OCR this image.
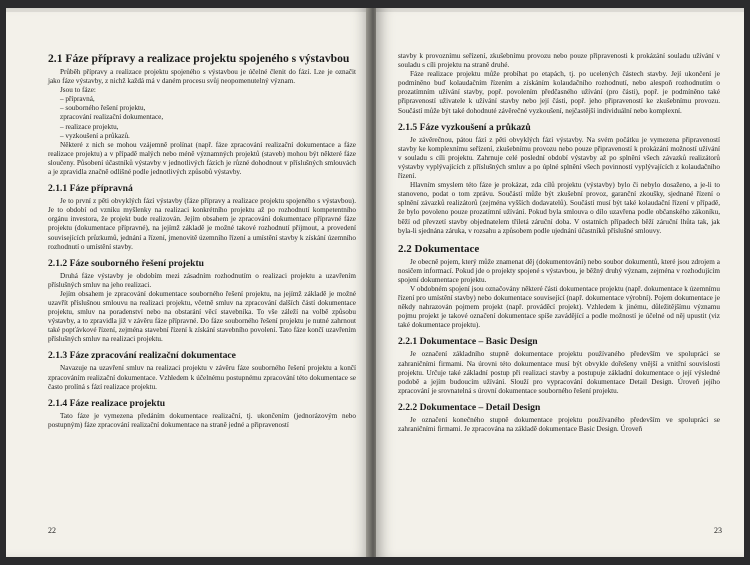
2.1 Fáze přípravy a realizace projektu spojeného s výstavbou

Průběh přípravy a realizace projektu spojeného s výstavbou je účelné členit do fází. Lze je označit jako fáze výstavby, z nichž každá má v daném procesu svůj neopomenutelný význam.

Jsou to fáze:

– přípravná,
– souborného řešení projektu,
zpracování realizační dokumentace,
– realizace projektu,
– vyzkoušení a průkazů.

Některé z nich se mohou vzájemně prolínat (např. fáze zpracování realizační dokumentace a fáze realizace projektu) a v případě malých nebo méně významných projektů (staveb) mohou být některé fáze sloučeny. Působení účastníků výstavby v jednotlivých fázích je různé dohodnout v příslušných smlouvách a je zpravidla značně odlišné podle jednotlivých způsobů výstavby.

2.1.1 Fáze přípravná

Je to první z pěti obvyklých fází výstavby (fáze přípravy a realizace projektu spojeného s výstavbou). Je to období od vzniku myšlenky na realizaci konkrétního projektu až po rozhodnutí kompetentního orgánu investora, že projekt bude realizován. Jejím obsahem je zpracování dokumentace přípravné fáze projektu (dokumentace přípravné), na jejímž základě je možné takové rozhodnutí přijmout, a provedení souvisejících průzkumů, jednání a řízení, jmenovitě územního řízení a umístění stavby k získání územního rozhodnutí o umístění stavby.

2.1.2 Fáze souborného řešení projektu

Druhá fáze výstavby je obdobím mezi zásadním rozhodnutím o realizaci projektu a uzavřením příslušných smluv na jeho realizaci.

Jejím obsahem je zpracování dokumentace souborného řešení projektu, na jejímž základě je možné uzavřít příslušnou smlouvu na realizaci projektu, včetně smluv na zpracování dalších částí dokumentace projektu, smluv na poradenství nebo na obstarání věcí stavebníka. To vše záleží na volbě způsobu výstavby, a to zpravidla již v závěru fáze přípravné. Do fáze souborného řešení projektu je nutné zahrnout také popťávkové řízení, zejména stavební řízení k získání stavebního povolení. Tato fáze končí uzavřením příslušných smluv na realizaci projektu.

2.1.3 Fáze zpracování realizační dokumentace

Navazuje na uzavření smluv na realizaci projektu v závěru fáze souborného řešení projektu a končí zpracováním realizační dokumentace. Vzhledem k účelnému postupnému zpracování této dokumentace se často prolíná s fází realizace projektu.

2.1.4 Fáze realizace projektu

Tato fáze je vymezena předáním dokumentace realizační, tj. ukončením (jednorázovým nebo postupným) fáze zpracování realizační dokumentace na straně jedné a připraveností

22

stavby k provoznímu seřízení, zkušebnímu provozu nebo pouze připravenosti k prokázání souladu užívání v souladu s cíli projektu na straně druhé.

Fáze realizace projektu může probíhat po etapách, tj. po ucelených částech stavby. Její ukončení je podmíněno buď kolaudačním řízením a získáním kolaudačního rozhodnutí, nebo alespoň rozhodnutím o prozatímním užívání stavby, popř. povolením předčasného užívání (pro části), popř. je podmíněno také připraveností uživatele k užívání stavby nebo její části, popř. jeho připraveností ke zkušebnímu provozu. Součástí může být také dohodnuté závěrečné vyzkoušení, nejčastější individuální nebo komplexní.

2.1.5 Fáze vyzkoušení a průkazů

Je závěrečnou, pátou fází z pěti obvyklých fází výstavby. Na svém počátku je vymezena připraveností stavby ke komplexnímu seřízení, zkušebnímu provozu nebo pouze připraveností k prokázání možností užívání v souladu s cíli projektu. Zahrnuje celé poslední období výstavby až po splnění všech závazků realizátorů výstavby vyplývajících z příslušných smluv a po úplné splnění všech povinností vyplývajících z kolaudačního řízení.

Hlavním smyslem této fáze je prokázat, zda cílů projektu (výstavby) bylo či nebylo dosaženo, a je-li to stanoveno, podat o tom zprávu. Součástí může být zkušební provoz, garanční zkoušky, sjednané řízení o splnění závazků realizátorů (zejména vyšších dodavatelů). Součástí musí být také kolaudační řízení v případě, že bylo povoleno pouze prozatímní užívání. Pokud byla smlouva o dílo uzavřena podle občanského zákoníku, běží od převzetí stavby objednatelem třiletá záruční doba. V ostatních případech běží záruční lhůta tak, jak byla-li sjednána záruka, v rozsahu a způsobem podle ujednání účastníků příslušné smlouvy.

2.2 Dokumentace

Je obecně pojem, který může znamenat děj (dokumentování) nebo soubor dokumentů, které jsou zdrojem a nosičem informací. Pokud jde o projekty spojené s výstavbou, je běžný druhý význam, zejména v rozhodujícím spojení dokumentace projektu.

V obdobném spojení jsou označovány některé části dokumentace projektu (např. dokumentace k územnímu řízení pro umístění stavby) nebo dokumentace související (např. dokumentace výrobní). Pojem dokumentace je někdy nahrazován pojmem projekt (např. prováděcí projekt). Vzhledem k jinému, důležitějšímu významu pojmu projekt je takové označení dokumentace spíše zavádějící a podle možností je účelné od něj upustit (viz také dokumentace projektu).

2.2.1 Dokumentace – Basic Design

Je označení základního stupně dokumentace projektu používaného především ve spolupráci se zahraničními firmami. Na úrovni této dokumentace musí být obvykle dořešeny vnější a vnitřní souvislosti projektu. Určuje také základní postup při realizaci stavby a postupuje základní dokumentace o její výsledné podobě a jejím budoucím užívání. Slouží pro vypracování dokumentace Detail Design. Úroveň jejího zpracování je srovnatelná s úrovní dokumentace souborného řešení projektu.

2.2.2 Dokumentace – Detail Design

Je označení konečného stupně dokumentace projektu používaného především ve spolupráci se zahraničními firmami. Je zpracována na základě dokumentace Basic Design. Úroveň

23
